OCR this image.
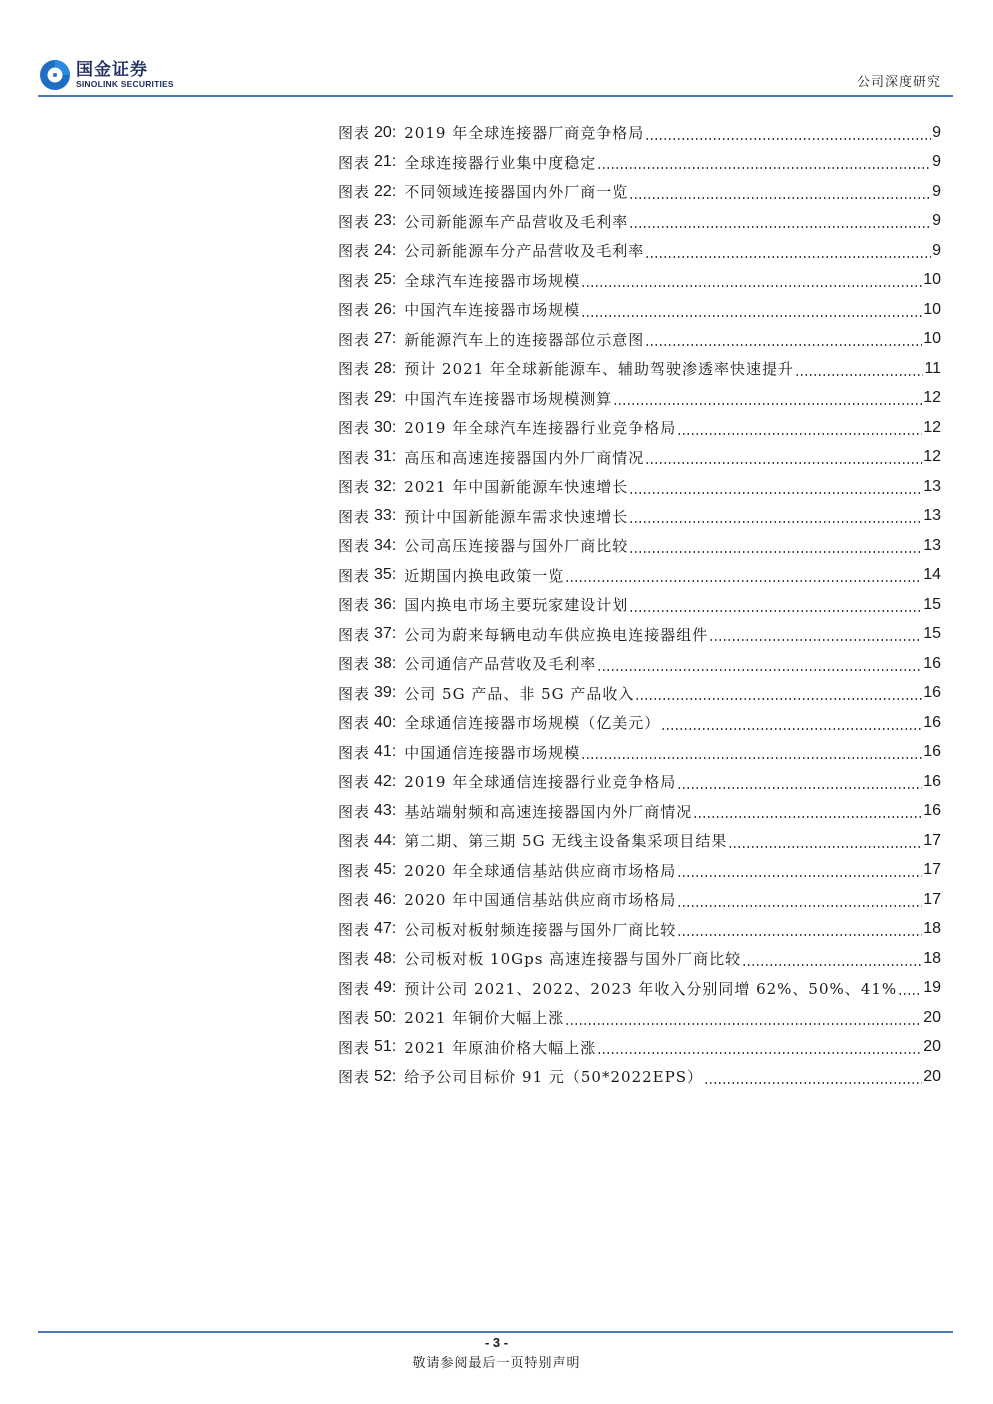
国金证券
SINOLINK SECURITIES	公司深度研究
图表 20 : 2019 年全球连接器厂商竞争格局	9
图表 21 : 全球连接器行业集中度稳定	9
图表 22 : 不同领域连接器国内外厂商一览	9
图表 23 : 公司新能源车产品营收及毛利率	9
图表 24 : 公司新能源车分产品营收及毛利率	9
图表 25 : 全球汽车连接器市场规模	10
图表 26 : 中国汽车连接器市场规模	10
图表 27 : 新能源汽车上的连接器部位示意图	10
图表 28 : 预计 2021 年全球新能源车、辅助驾驶渗透率快速提升	11
图表 29 : 中国汽车连接器市场规模测算	12
图表 30 : 2019 年全球汽车连接器行业竞争格局	12
图表 31 : 高压和高速连接器国内外厂商情况	12
图表 32 : 2021 年中国新能源车快速增长	13
图表 33 : 预计中国新能源车需求快速增长	13
图表 34 : 公司高压连接器与国外厂商比较	13
图表 35 : 近期国内换电政策一览	14
图表 36 : 国内换电市场主要玩家建设计划	15
图表 37 : 公司为蔚来每辆电动车供应换电连接器组件	15
图表 38 : 公司通信产品营收及毛利率	16
图表 39 : 公司 5G 产品、非 5G 产品收入	16
图表 40 : 全球通信连接器市场规模（亿美元）	16
图表 41 : 中国通信连接器市场规模	16
图表 42 : 2019 年全球通信连接器行业竞争格局	16
图表 43 : 基站端射频和高速连接器国内外厂商情况	16
图表 44 : 第二期、第三期 5G 无线主设备集采项目结果	17
图表 45 : 2020 年全球通信基站供应商市场格局	17
图表 46 : 2020 年中国通信基站供应商市场格局	17
图表 47 : 公司板对板射频连接器与国外厂商比较	18
图表 48 : 公司板对板 10Gps 高速连接器与国外厂商比较	18
图表 49 : 预计公司 2021、2022、2023 年收入分别同增 62%、50%、41% 19
图表 50 : 2021 年铜价大幅上涨	20
图表 51 : 2021 年原油价格大幅上涨	20
图表 52 : 给予公司目标价 91 元（50*2022EPS）	20
- 3 -
敬请参阅最后一页特别声明
